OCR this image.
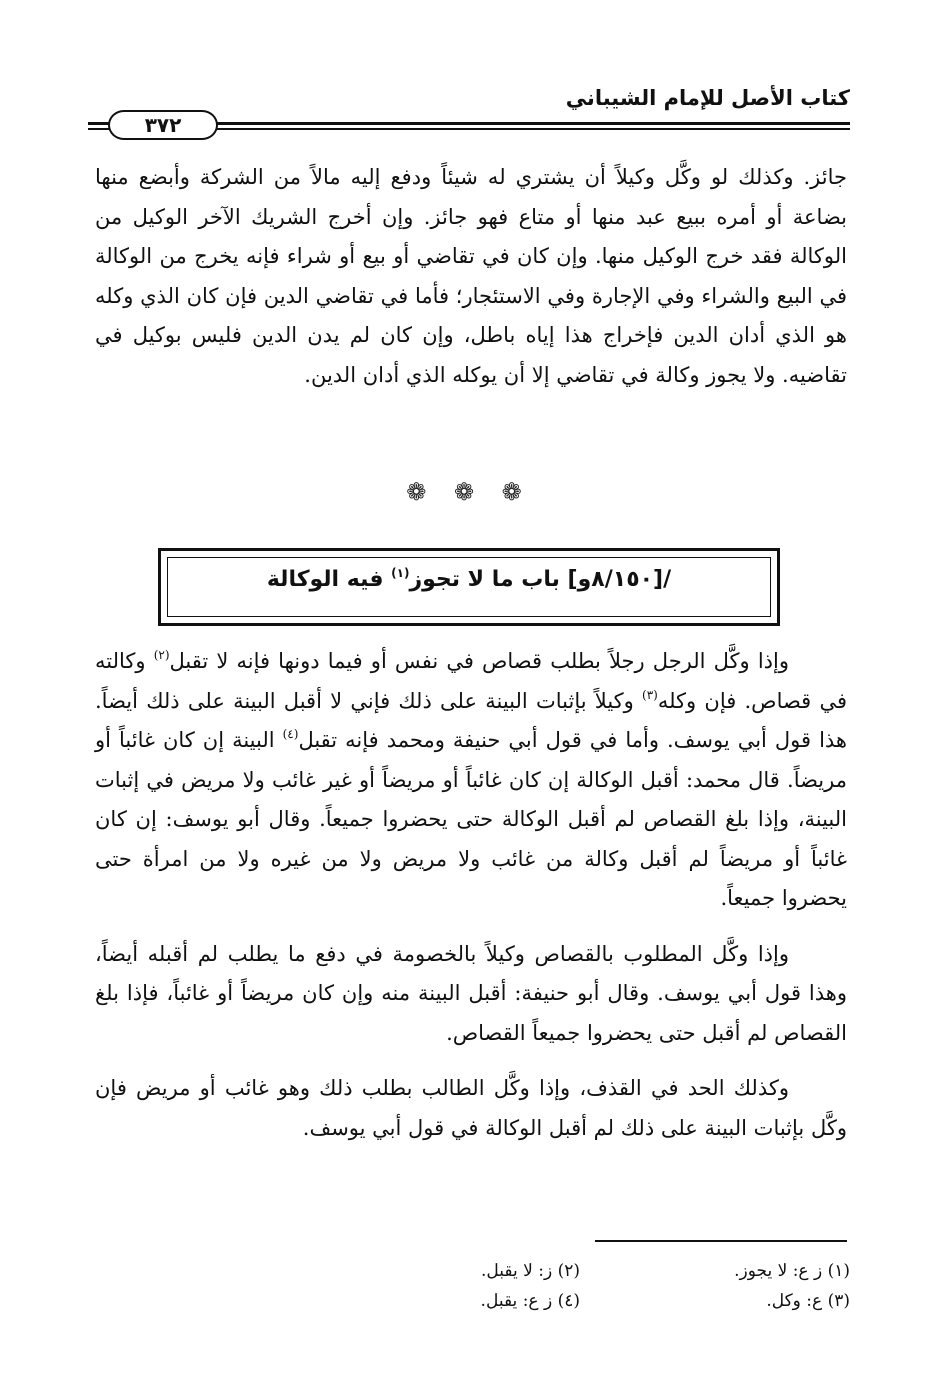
كتاب الأصل للإمام الشيباني
٣٧٢

جائز. وكذلك لو وكَّل وكيلاً أن يشتري له شيئاً ودفع إليه مالاً من الشركة وأبضع منها بضاعة أو أمره ببيع عبد منها أو متاع فهو جائز. وإن أخرج الشريك الآخر الوكيل من الوكالة فقد خرج الوكيل منها. وإن كان في تقاضي أو بيع أو شراء فإنه يخرج من الوكالة في البيع والشراء وفي الإجارة وفي الاستئجار؛ فأما في تقاضي الدين فإن كان الذي وكله هو الذي أدان الدين فإخراج هذا إياه باطل، وإن كان لم يدن الدين فليس بوكيل في تقاضيه. ولا يجوز وكالة في تقاضي إلا أن يوكله الذي أدان الدين.

❁ ❁ ❁
/[٨/١٥٠و] باب ما لا تجوز$^{(١)}$ فيه الوكالة

وإذا وكَّل الرجل رجلاً بطلب قصاص في نفس أو فيما دونها فإنه لا تقبل$^{(٢)}$ وكالته في قصاص. فإن وكله$^{(٣)}$ وكيلاً بإثبات البينة على ذلك فإني لا أقبل البينة على ذلك أيضاً. هذا قول أبي يوسف. وأما في قول أبي حنيفة ومحمد فإنه تقبل$^{(٤)}$ البينة إن كان غائباً أو مريضاً. قال محمد: أقبل الوكالة إن كان غائباً أو مريضاً أو غير غائب ولا مريض في إثبات البينة، وإذا بلغ القصاص لم أقبل الوكالة حتى يحضروا جميعاً. وقال أبو يوسف: إن كان غائباً أو مريضاً لم أقبل وكالة من غائب ولا مريض ولا من غيره ولا من امرأة حتى يحضروا جميعاً.

وإذا وكَّل المطلوب بالقصاص وكيلاً بالخصومة في دفع ما يطلب لم أقبله أيضاً، وهذا قول أبي يوسف. وقال أبو حنيفة: أقبل البينة منه وإن كان مريضاً أو غائباً، فإذا بلغ القصاص لم أقبل حتى يحضروا جميعاً القصاص.

وكذلك الحد في القذف، وإذا وكَّل الطالب بطلب ذلك وهو غائب أو مريض فإن وكَّل بإثبات البينة على ذلك لم أقبل الوكالة في قول أبي يوسف.

(١) ز ع: لا يجوز.
(٢) ز: لا يقبل.
(٣) ع: وكل.
(٤) ز ع: يقبل.
